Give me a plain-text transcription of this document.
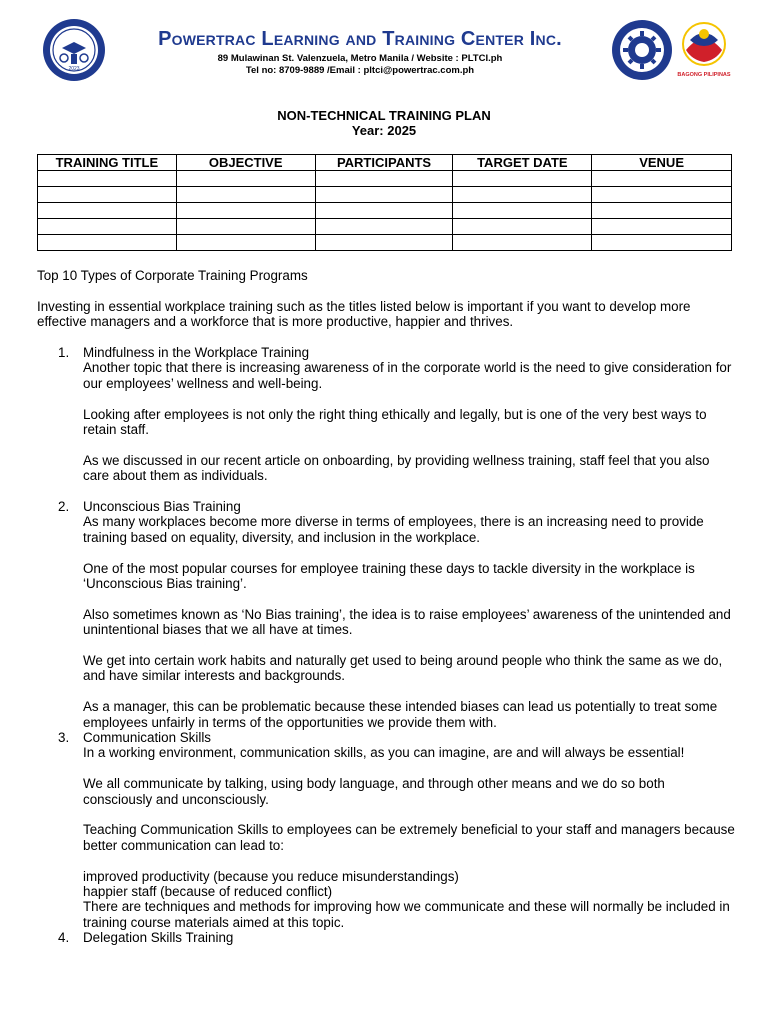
2023
Powertrac Learning and Training Center Inc.
89 Mulawinan St. Valenzuela, Metro Manila / Website : PLTCI.ph
Tel no: 8709-9889 /Email : pltci@powertrac.com.ph	BAGONG PILIPINAS
NON-TECHNICAL TRAINING PLAN
Year: 2025
TRAINING TITLE	OBJECTIVE	PARTICIPANTS	TARGET DATE	VENUE

Top 10 Types of Corporate Training Programs

Investing in essential workplace training such as the titles listed below is important if you want to develop more effective managers and a workforce that is more productive, happier and thrives.

1. Mindfulness in the Workplace Training

Another topic that there is increasing awareness of in the corporate world is the need to give consideration for our employees’ wellness and well-being.

Looking after employees is not only the right thing ethically and legally, but is one of the very best ways to retain staff.

As we discussed in our recent article on onboarding, by providing wellness training, staff feel that you also care about them as individuals.

2. Unconscious Bias Training

As many workplaces become more diverse in terms of employees, there is an increasing need to provide training based on equality, diversity, and inclusion in the workplace.

One of the most popular courses for employee training these days to tackle diversity in the workplace is ‘Unconscious Bias training’.

Also sometimes known as ‘No Bias training’, the idea is to raise employees’ awareness of the unintended and unintentional biases that we all have at times.

We get into certain work habits and naturally get used to being around people who think the same as we do, and have similar interests and backgrounds.

As a manager, this can be problematic because these intended biases can lead us potentially to treat some employees unfairly in terms of the opportunities we provide them with.

3. Communication Skills

In a working environment, communication skills, as you can imagine, are and will always be essential!

We all communicate by talking, using body language, and through other means and we do so both consciously and unconsciously.

Teaching Communication Skills to employees can be extremely beneficial to your staff and managers because better communication can lead to:

improved productivity (because you reduce misunderstandings)

happier staff (because of reduced conflict)

There are techniques and methods for improving how we communicate and these will normally be included in training course materials aimed at this topic.

4. Delegation Skills Training
